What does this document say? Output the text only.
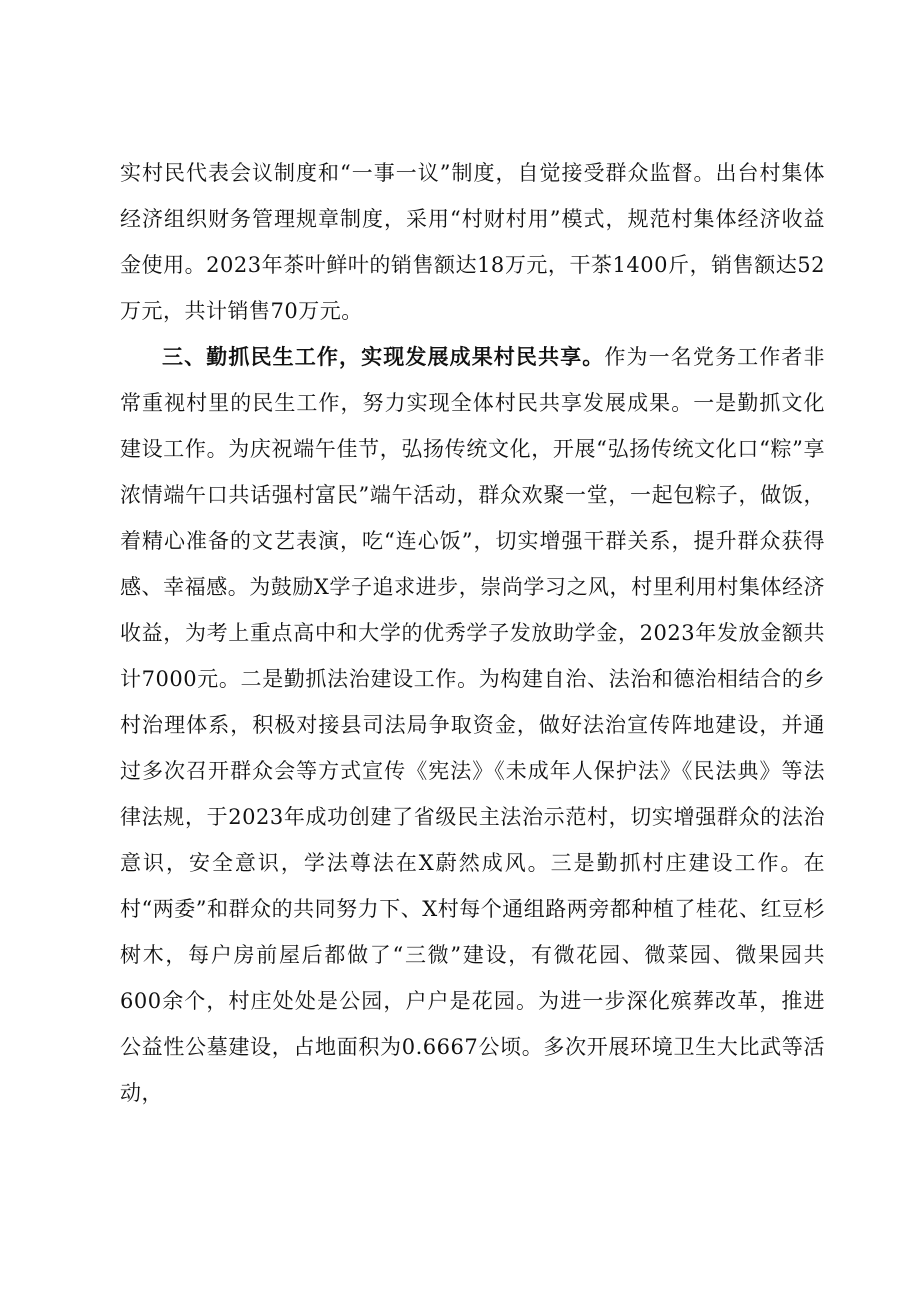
实村民代表会议制度和“一事一议”制度，自觉接受群众监督。出台村集体经济组织财务管理规章制度，采用“村财村用”模式，规范村集体经济收益金使用。2023年茶叶鲜叶的销售额达18万元，干茶1400斤，销售额达52万元，共计销售70万元。

三、勤抓民生工作，实现发展成果村民共享。作为一名党务工作者非常重视村里的民生工作，努力实现全体村民共享发展成果。一是勤抓文化建设工作。为庆祝端午佳节，弘扬传统文化，开展“弘扬传统文化口“粽”享浓情端午口共话强村富民”端午活动，群众欢聚一堂，一起包粽子，做饭，着精心准备的文艺表演，吃“连心饭”，切实增强干群关系，提升群众获得感、幸福感。为鼓励X学子追求进步，崇尚学习之风，村里利用村集体经济收益，为考上重点高中和大学的优秀学子发放助学金，2023年发放金额共计7000元。二是勤抓法治建设工作。为构建自治、法治和德治相结合的乡村治理体系，积极对接县司法局争取资金，做好法治宣传阵地建设，并通过多次召开群众会等方式宣传《宪法》《未成年人保护法》《民法典》等法律法规，于2023年成功创建了省级民主法治示范村，切实增强群众的法治意识，安全意识，学法尊法在X蔚然成风。三是勤抓村庄建设工作。在村“两委”和群众的共同努力下、X村每个通组路两旁都种植了桂花、红豆杉树木，每户房前屋后都做了“三微”建设，有微花园、微菜园、微果园共600余个，村庄处处是公园，户户是花园。为进一步深化殡葬改革，推进公益性公墓建设，占地面积为0.6667公顷。多次开展环境卫生大比武等活动，
